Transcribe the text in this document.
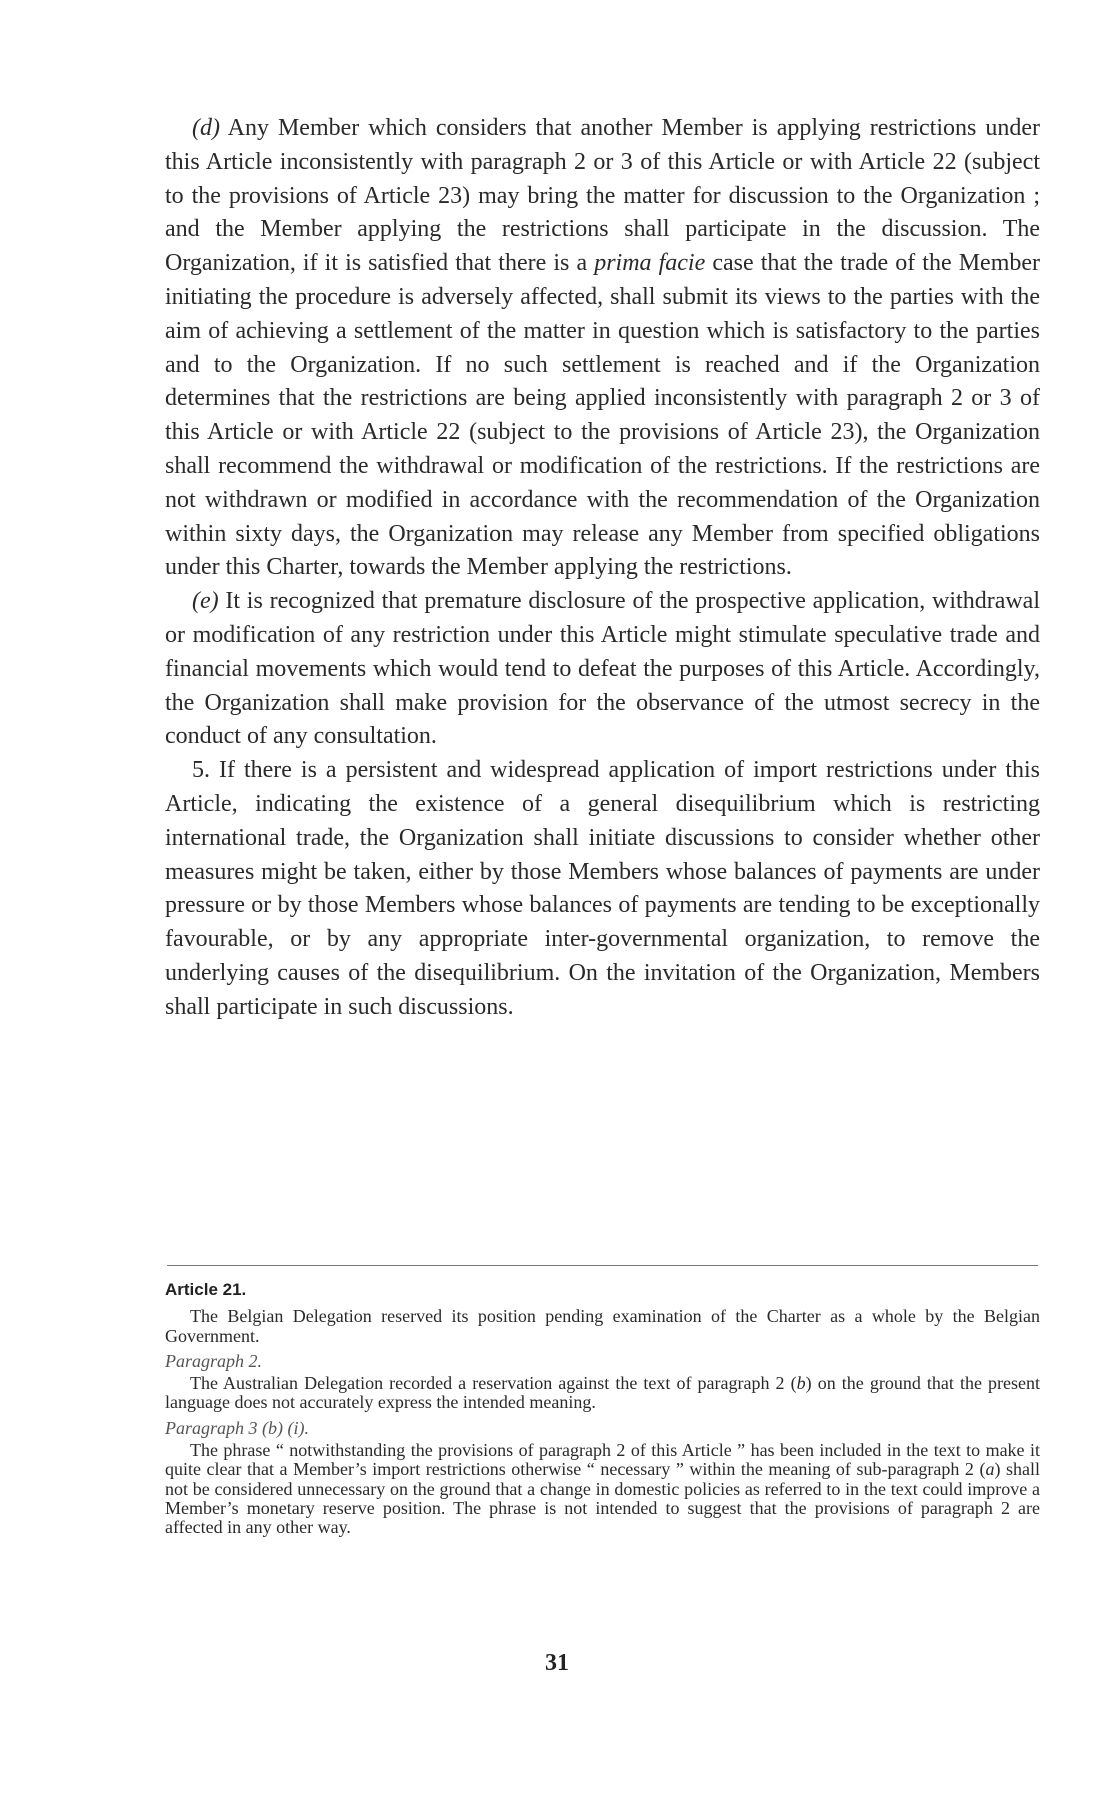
(d) Any Member which considers that another Member is applying restrictions under this Article inconsistently with paragraph 2 or 3 of this Article or with Article 22 (subject to the provisions of Article 23) may bring the matter for discussion to the Organization ; and the Member applying the restrictions shall participate in the discussion. The Organization, if it is satisfied that there is a prima facie case that the trade of the Member initiating the procedure is adversely affected, shall submit its views to the parties with the aim of achieving a settlement of the matter in question which is satisfactory to the parties and to the Organization. If no such settlement is reached and if the Organization determines that the restrictions are being applied inconsistently with paragraph 2 or 3 of this Article or with Article 22 (subject to the provisions of Article 23), the Organization shall recommend the withdrawal or modification of the restrictions. If the restrictions are not withdrawn or modified in accordance with the recommendation of the Organization within sixty days, the Organization may release any Member from specified obligations under this Charter, towards the Member applying the restrictions.

(e) It is recognized that premature disclosure of the prospective application, withdrawal or modification of any restriction under this Article might stimulate speculative trade and financial movements which would tend to defeat the purposes of this Article. Accordingly, the Organization shall make provision for the observance of the utmost secrecy in the conduct of any consultation.

5. If there is a persistent and widespread application of import restrictions under this Article, indicating the existence of a general disequilibrium which is restricting international trade, the Organization shall initiate discussions to consider whether other measures might be taken, either by those Members whose balances of payments are under pressure or by those Members whose balances of payments are tending to be exceptionally favourable, or by any appropriate inter-governmental organization, to remove the underlying causes of the disequilibrium. On the invitation of the Organization, Members shall participate in such discussions.

Article 21.

The Belgian Delegation reserved its position pending examination of the Charter as a whole by the Belgian Government.

Paragraph 2.

The Australian Delegation recorded a reservation against the text of paragraph 2 (b) on the ground that the present language does not accurately express the intended meaning.

Paragraph 3 (b) (i).

The phrase “ notwithstanding the provisions of paragraph 2 of this Article ” has been included in the text to make it quite clear that a Member’s import restrictions otherwise “ necessary ” within the meaning of sub-paragraph 2 (a) shall not be considered unnecessary on the ground that a change in domestic policies as referred to in the text could improve a Member’s monetary reserve position. The phrase is not intended to suggest that the provisions of paragraph 2 are affected in any other way.

31
